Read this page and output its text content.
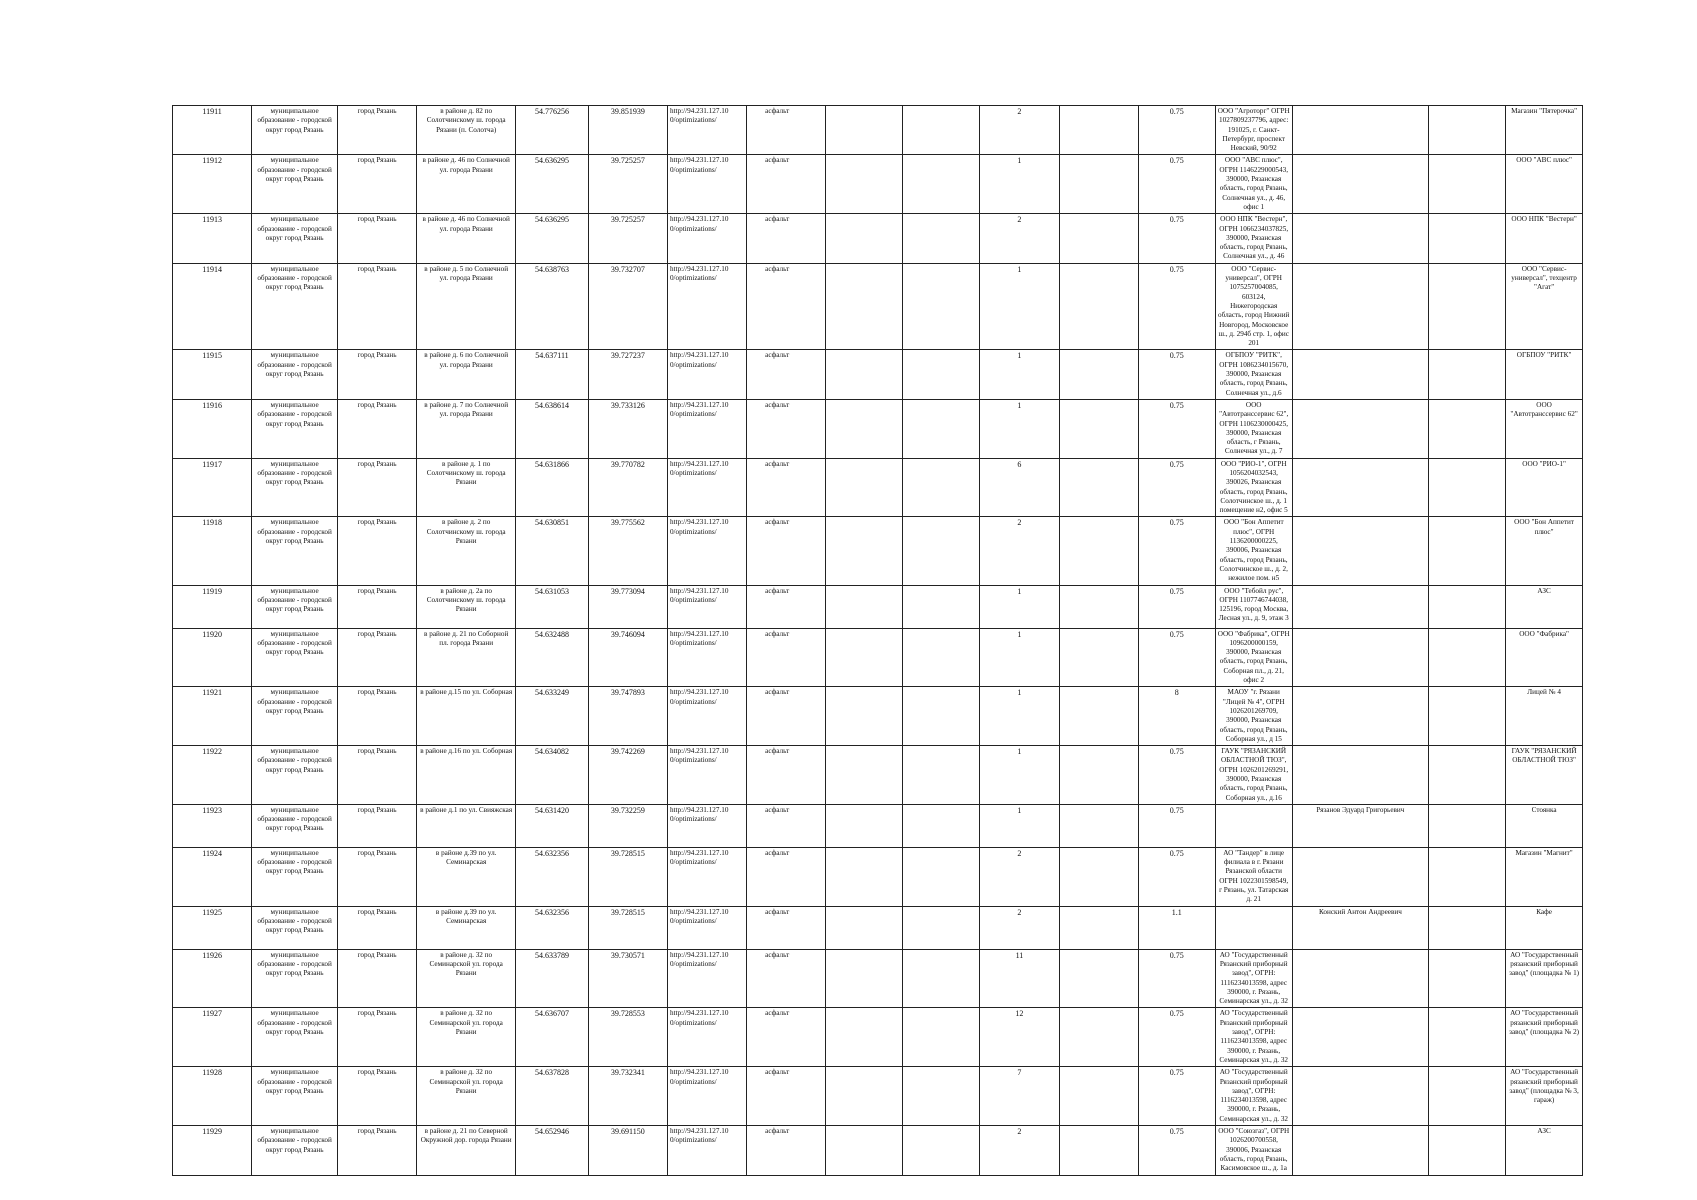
11911	муниципальное образование - городской округ город Рязань	город Рязань	в районе д. 82 по Солотчинскому ш. города Рязани (п. Солотча)	54.776256	39.851939	http://94.231.127.10 0/optimizations/	асфальт			2		0.75	ООО "Агроторг" ОГРН 1027809237796, адрес: 191025, г. Санкт-Петербург, проспект Невский, 90/92			Магазин "Пятерочка"
11912	муниципальное образование - городской округ город Рязань	город Рязань	в районе д. 46 по Солнечной ул. города Рязани	54.636295	39.725257	http://94.231.127.10 0/optimizations/	асфальт			1		0.75	ООО "АВС плюс", ОГРН 1146229000543, 390000, Рязанская область, город Рязань, Солнечная ул., д. 46, офис 1			ООО "АВС плюс"
11913	муниципальное образование - городской округ город Рязань	город Рязань	в районе д. 46 по Солнечной ул. города Рязани	54.636295	39.725257	http://94.231.127.10 0/optimizations/	асфальт			2		0.75	ООО НПК "Вестерн", ОГРН 1066234037825, 390000, Рязанская область, город Рязань, Солнечная ул., д. 46			ООО НПК "Вестерн"
11914	муниципальное образование - городской округ город Рязань	город Рязань	в районе д. 5 по Солнечной ул. города Рязани	54.638763	39.732707	http://94.231.127.10 0/optimizations/	асфальт			1		0.75	ООО "Сервис-универсал", ОГРН 1075257004085, 603124, Нижегородская область, город Нижний Новгород, Московское ш., д. 294б стр. 1, офис 201			ООО "Сервис-универсал", техцентр "Агат"
11915	муниципальное образование - городской округ город Рязань	город Рязань	в районе д. 6 по Солнечной ул. города Рязани	54.637111	39.727237	http://94.231.127.10 0/optimizations/	асфальт			1		0.75	ОГБПОУ "РИТК", ОГРН 1086234015670, 390000, Рязанская область, город Рязань, Солнечная ул., д.6			ОГБПОУ "РИТК"
11916	муниципальное образование - городской округ город Рязань	город Рязань	в районе д. 7 по Солнечной ул. города Рязани	54.638614	39.733126	http://94.231.127.10 0/optimizations/	асфальт			1		0.75	ООО "Автотранссервис 62", ОГРН 1106230000425, 390000, Рязанская область, г Рязань, Солнечная ул., д. 7			ООО "Автотранссервис 62"
11917	муниципальное образование - городской округ город Рязань	город Рязань	в районе д. 1 по Солотчинскому ш. города Рязани	54.631866	39.770782	http://94.231.127.10 0/optimizations/	асфальт			6		0.75	ООО "РИО-1", ОГРН 1056204032543, 390026, Рязанская область, город Рязань, Солотчинское ш., д. 1 помещение н2, офис 5			ООО "РИО-1"
11918	муниципальное образование - городской округ город Рязань	город Рязань	в районе д. 2 по Солотчинскому ш. города Рязани	54.630851	39.775562	http://94.231.127.10 0/optimizations/	асфальт			2		0.75	ООО "Бон Аппетит плюс", ОГРН 1136200000225, 390006, Рязанская область, город Рязань, Солотчинское ш., д. 2, нежилое пом. н5			ООО "Бон Аппетит плюс"
11919	муниципальное образование - городской округ город Рязань	город Рязань	в районе д. 2а по Солотчинскому ш. города Рязани	54.631053	39.773094	http://94.231.127.10 0/optimizations/	асфальт			1		0.75	ООО "Тебойл рус", ОГРН 1107746744038, 125196, город Москва, Лесная ул., д. 9, этаж 3			АЗС
11920	муниципальное образование - городской округ город Рязань	город Рязань	в районе д. 21 по Соборной пл. города Рязани	54.632488	39.746094	http://94.231.127.10 0/optimizations/	асфальт			1		0.75	ООО "Фабрика", ОГРН 1096200000159, 390000, Рязанская область, город Рязань, Соборная пл., д. 21, офис 2			ООО "Фабрика"
11921	муниципальное образование - городской округ город Рязань	город Рязань	в районе д.15 по ул. Соборная	54.633249	39.747893	http://94.231.127.10 0/optimizations/	асфальт			1		8	МАОУ "г. Рязани "Лицей № 4", ОГРН 1026201269709, 390000, Рязанская область, город Рязань, Соборная ул., д 15			Лицей № 4
11922	муниципальное образование - городской округ город Рязань	город Рязань	в районе д.16 по ул. Соборная	54.634082	39.742269	http://94.231.127.10 0/optimizations/	асфальт			1		0.75	ГАУК "РЯЗАНСКИЙ ОБЛАСТНОЙ ТЮЗ", ОГРН 1026201269291, 390000, Рязанская область, город Рязань, Соборная ул., д.16			ГАУК "РЯЗАНСКИЙ ОБЛАСТНОЙ ТЮЗ"
11923	муниципальное образование - городской округ город Рязань	город Рязань	в районе д.1 по ул. Свияжская	54.631420	39.732259	http://94.231.127.10 0/optimizations/	асфальт			1		0.75		Рязанов Эдуард Григорьевич		Стоянка
11924	муниципальное образование - городской округ город Рязань	город Рязань	в районе д.39 по ул. Семинарская	54.632356	39.728515	http://94.231.127.10 0/optimizations/	асфальт			2		0.75	АО "Тандер" в лице филиала в г. Рязани Рязанской области ОГРН 1022301598549, г Рязань, ул. Татарская д. 21			Магазин "Магнит"
11925	муниципальное образование - городской округ город Рязань	город Рязань	в районе д.39 по ул. Семинарская	54.632356	39.728515	http://94.231.127.10 0/optimizations/	асфальт			2		1.1		Конский Антон Андреевич		Кафе
11926	муниципальное образование - городской округ город Рязань	город Рязань	в районе д. 32 по Семинарской ул. города Рязани	54.633789	39.730571	http://94.231.127.10 0/optimizations/	асфальт			11		0.75	АО "Государственный Рязанский приборный завод", ОГРН: 1116234013598, адрес 390000, г. Рязань, Семинарская ул., д. 32			АО "Государственный рязанский приборный завод" (площадка № 1)
11927	муниципальное образование - городской округ город Рязань	город Рязань	в районе д. 32 по Семинарской ул. города Рязани	54.636707	39.728553	http://94.231.127.10 0/optimizations/	асфальт			12		0.75	АО "Государственный Рязанский приборный завод", ОГРН: 1116234013598, адрес 390000, г. Рязань, Семинарская ул., д. 32			АО "Государственный рязанский приборный завод" (площадка № 2)
11928	муниципальное образование - городской округ город Рязань	город Рязань	в районе д. 32 по Семинарской ул. города Рязани	54.637828	39.732341	http://94.231.127.10 0/optimizations/	асфальт			7		0.75	АО "Государственный Рязанский приборный завод", ОГРН: 1116234013598, адрес 390000, г. Рязань, Семинарская ул., д. 32			АО "Государственный рязанский приборный завод" (площадка № 3, гараж)
11929	муниципальное образование - городской округ город Рязань	город Рязань	в районе д. 21 по Северной Окружной дор. города Рязани	54.652946	39.691150	http://94.231.127.10 0/optimizations/	асфальт			2		0.75	ООО "Союзгаз", ОГРН 1026200700558, 390006, Рязанская область, город Рязань, Касимовское ш., д. 1а			АЗС
